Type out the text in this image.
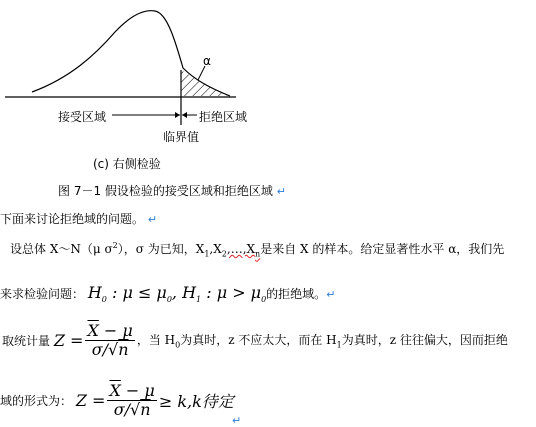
α
接受区域	拒绝区域
临界值
(c) 右侧检验
图 7－1 假设检验的接受区域和拒绝区域 ↵
下面来讨论拒绝域的问题。 ↵
设总体 X～N（μ $\sigma^2$），σ 为已知，$X_1,X_2,\dots,X_n$是来自 X 的样本。给定显著性水平 α，我们先
来求检验问题： $H_0$ : $\mu \le \mu_0$, $H_1$ : $\mu > \mu_0$的拒绝域。↵
取统计量 $Z = \frac{\overline{X} - \mu}{\sigma/√n}$ ，当 $H_0$为真时，z 不应太大，而在 $H_1$为真时，z 往往偏大，因而拒绝
域的形式为： $Z = \frac{\overline{X} - \mu}{\sigma/√n} \ge k,k$待定
↵
